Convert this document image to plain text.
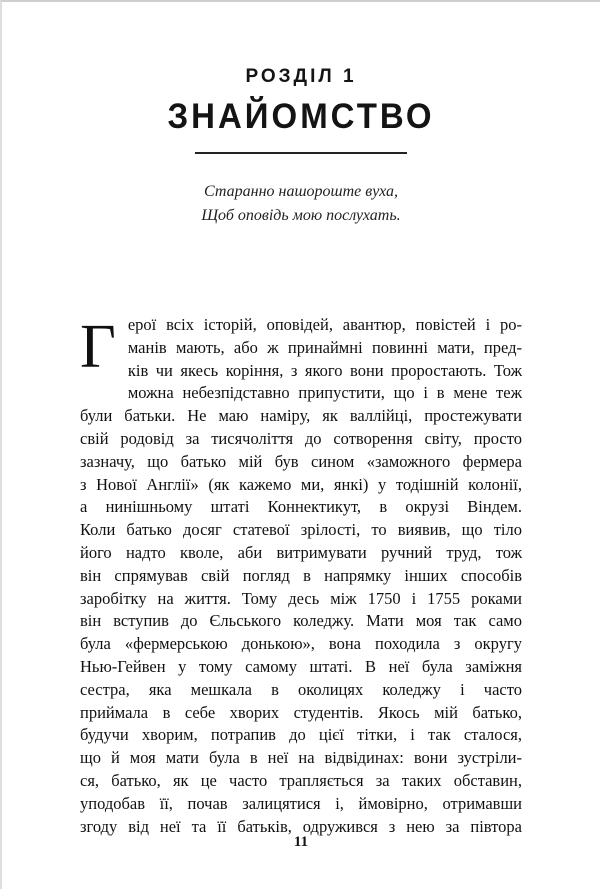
РОЗДІЛ 1
ЗНАЙОМСТВО
Старанно нашороште вуха,
Щоб оповідь мою послухать.
Г ерої всіх історій, оповідей, авантюр, повістей і ро-
манів мають, або ж принаймні повинні мати, пред-
ків чи якесь коріння, з якого вони проростають. Тож
можна небезпідставно припустити, що і в мене теж
були батьки. Не маю наміру, як валлійці, простежувати
свій родовід за тисячоліття до сотворення світу, просто
зазначу, що батько мій був сином «заможного фермера
з Нової Англії» (як кажемо ми, янкі) у тодішній колонії,
а нинішньому штаті Коннектикут, в окрузі Віндем.
Коли батько досяг статевої зрілості, то виявив, що тіло
його надто кволе, аби витримувати ручний труд, тож
він спрямував свій погляд в напрямку інших способів
заробітку на життя. Тому десь між 1750 і 1755 роками
він вступив до Єльського коледжу. Мати моя так само
була «фермерською донькою», вона походила з округу
Нью-Гейвен у тому самому штаті. В неї була заміжня
сестра, яка мешкала в околицях коледжу і часто
приймала в себе хворих студентів. Якось мій батько,
будучи хворим, потрапив до цієї тітки, і так сталося,
що й моя мати була в неї на відвідинах: вони зустріли-
ся, батько, як це часто трапляється за таких обставин,
уподобав її, почав залицятися і, ймовірно, отримавши
згоду від неї та її батьків, одружився з нею за півтора
11
